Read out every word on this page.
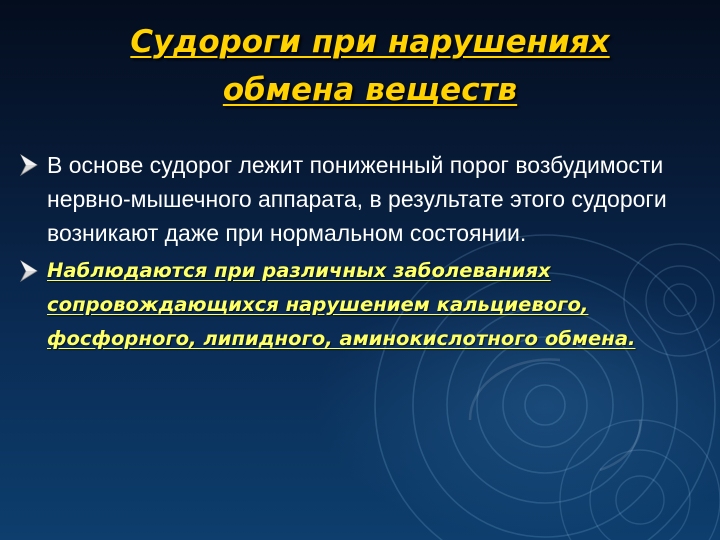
Судороги при нарушениях
обмена веществ
В основе судорог лежит пониженный порог возбудимости нервно-мышечного аппарата, в результате этого судороги возникают даже при нормальном состоянии.
Наблюдаются при различных заболеваниях сопровождающихся нарушением кальциевого, фосфорного, липидного, аминокислотного обмена.
